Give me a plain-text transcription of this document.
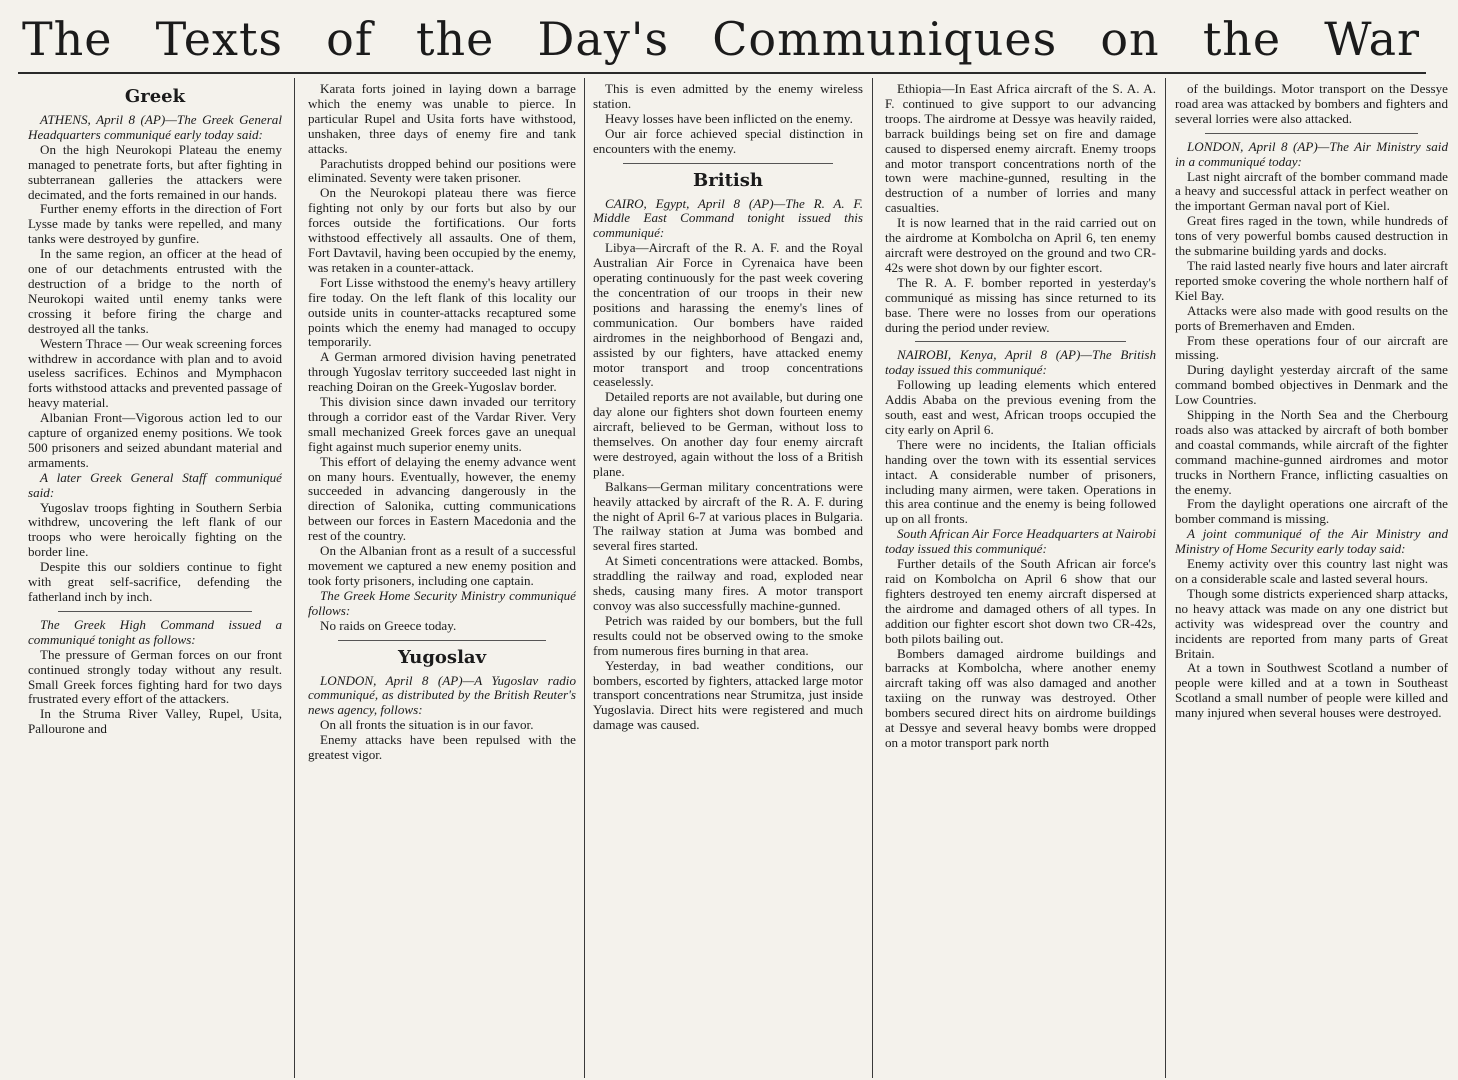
The Texts of the Day's Communiques on the War
Greek

ATHENS, April 8 (AP)—The Greek General Headquarters communiqué early today said:

On the high Neurokopi Plateau the enemy managed to penetrate forts, but after fighting in subterranean galleries the attackers were decimated, and the forts remained in our hands.

Further enemy efforts in the direction of Fort Lysse made by tanks were repelled, and many tanks were destroyed by gunfire.

In the same region, an officer at the head of one of our detachments entrusted with the destruction of a bridge to the north of Neurokopi waited until enemy tanks were crossing it before firing the charge and destroyed all the tanks.

Western Thrace — Our weak screening forces withdrew in accordance with plan and to avoid useless sacrifices. Echinos and Mymphacon forts withstood attacks and prevented passage of heavy material.

Albanian Front—Vigorous action led to our capture of organized enemy positions. We took 500 prisoners and seized abundant material and armaments.

A later Greek General Staff communiqué said:

Yugoslav troops fighting in Southern Serbia withdrew, uncovering the left flank of our troops who were heroically fighting on the border line.

Despite this our soldiers continue to fight with great self-sacrifice, defending the fatherland inch by inch.

The Greek High Command issued a communiqué tonight as follows:

The pressure of German forces on our front continued strongly today without any result. Small Greek forces fighting hard for two days frustrated every effort of the attackers.

In the Struma River Valley, Rupel, Usita, Pallourone and

Karata forts joined in laying down a barrage which the enemy was unable to pierce. In particular Rupel and Usita forts have withstood, unshaken, three days of enemy fire and tank attacks.

Parachutists dropped behind our positions were eliminated. Seventy were taken prisoner.

On the Neurokopi plateau there was fierce fighting not only by our forts but also by our forces outside the fortifications. Our forts withstood effectively all assaults. One of them, Fort Davtavil, having been occupied by the enemy, was retaken in a counter-attack.

Fort Lisse withstood the enemy's heavy artillery fire today. On the left flank of this locality our outside units in counter-attacks recaptured some points which the enemy had managed to occupy temporarily.

A German armored division having penetrated through Yugoslav territory succeeded last night in reaching Doiran on the Greek-Yugoslav border.

This division since dawn invaded our territory through a corridor east of the Vardar River. Very small mechanized Greek forces gave an unequal fight against much superior enemy units.

This effort of delaying the enemy advance went on many hours. Eventually, however, the enemy succeeded in advancing dangerously in the direction of Salonika, cutting communications between our forces in Eastern Macedonia and the rest of the country.

On the Albanian front as a result of a successful movement we captured a new enemy position and took forty prisoners, including one captain.

The Greek Home Security Ministry communiqué follows:

No raids on Greece today.

Yugoslav

LONDON, April 8 (AP)—A Yugoslav radio communiqué, as distributed by the British Reuter's news agency, follows:

On all fronts the situation is in our favor.

Enemy attacks have been repulsed with the greatest vigor.

This is even admitted by the enemy wireless station.

Heavy losses have been inflicted on the enemy.

Our air force achieved special distinction in encounters with the enemy.

British

CAIRO, Egypt, April 8 (AP)—The R. A. F. Middle East Command tonight issued this communiqué:

Libya—Aircraft of the R. A. F. and the Royal Australian Air Force in Cyrenaica have been operating continuously for the past week covering the concentration of our troops in their new positions and harassing the enemy's lines of communication. Our bombers have raided airdromes in the neighborhood of Bengazi and, assisted by our fighters, have attacked enemy motor transport and troop concentrations ceaselessly.

Detailed reports are not available, but during one day alone our fighters shot down fourteen enemy aircraft, believed to be German, without loss to themselves. On another day four enemy aircraft were destroyed, again without the loss of a British plane.

Balkans—German military concentrations were heavily attacked by aircraft of the R. A. F. during the night of April 6-7 at various places in Bulgaria. The railway station at Juma was bombed and several fires started.

At Simeti concentrations were attacked. Bombs, straddling the railway and road, exploded near sheds, causing many fires. A motor transport convoy was also successfully machine-gunned.

Petrich was raided by our bombers, but the full results could not be observed owing to the smoke from numerous fires burning in that area.

Yesterday, in bad weather conditions, our bombers, escorted by fighters, attacked large motor transport concentrations near Strumitza, just inside Yugoslavia. Direct hits were registered and much damage was caused.

Ethiopia—In East Africa aircraft of the S. A. A. F. continued to give support to our advancing troops. The airdrome at Dessye was heavily raided, barrack buildings being set on fire and damage caused to dispersed enemy aircraft. Enemy troops and motor transport concentrations north of the town were machine-gunned, resulting in the destruction of a number of lorries and many casualties.

It is now learned that in the raid carried out on the airdrome at Kombolcha on April 6, ten enemy aircraft were destroyed on the ground and two CR-42s were shot down by our fighter escort.

The R. A. F. bomber reported in yesterday's communiqué as missing has since returned to its base. There were no losses from our operations during the period under review.

NAIROBI, Kenya, April 8 (AP)—The British today issued this communiqué:

Following up leading elements which entered Addis Ababa on the previous evening from the south, east and west, African troops occupied the city early on April 6.

There were no incidents, the Italian officials handing over the town with its essential services intact. A considerable number of prisoners, including many airmen, were taken. Operations in this area continue and the enemy is being followed up on all fronts.

South African Air Force Headquarters at Nairobi today issued this communiqué:

Further details of the South African air force's raid on Kombolcha on April 6 show that our fighters destroyed ten enemy aircraft dispersed at the airdrome and damaged others of all types. In addition our fighter escort shot down two CR-42s, both pilots bailing out.

Bombers damaged airdrome buildings and barracks at Kombolcha, where another enemy aircraft taking off was also damaged and another taxiing on the runway was destroyed. Other bombers secured direct hits on airdrome buildings at Dessye and several heavy bombs were dropped on a motor transport park north

of the buildings. Motor transport on the Dessye road area was attacked by bombers and fighters and several lorries were also attacked.

LONDON, April 8 (AP)—The Air Ministry said in a communiqué today:

Last night aircraft of the bomber command made a heavy and successful attack in perfect weather on the important German naval port of Kiel.

Great fires raged in the town, while hundreds of tons of very powerful bombs caused destruction in the submarine building yards and docks.

The raid lasted nearly five hours and later aircraft reported smoke covering the whole northern half of Kiel Bay.

Attacks were also made with good results on the ports of Bremerhaven and Emden.

From these operations four of our aircraft are missing.

During daylight yesterday aircraft of the same command bombed objectives in Denmark and the Low Countries.

Shipping in the North Sea and the Cherbourg roads also was attacked by aircraft of both bomber and coastal commands, while aircraft of the fighter command machine-gunned airdromes and motor trucks in Northern France, inflicting casualties on the enemy.

From the daylight operations one aircraft of the bomber command is missing.

A joint communiqué of the Air Ministry and Ministry of Home Security early today said:

Enemy activity over this country last night was on a considerable scale and lasted several hours.

Though some districts experienced sharp attacks, no heavy attack was made on any one district but activity was widespread over the country and incidents are reported from many parts of Great Britain.

At a town in Southwest Scotland a number of people were killed and at a town in Southeast Scotland a small number of people were killed and many injured when several houses were destroyed.
